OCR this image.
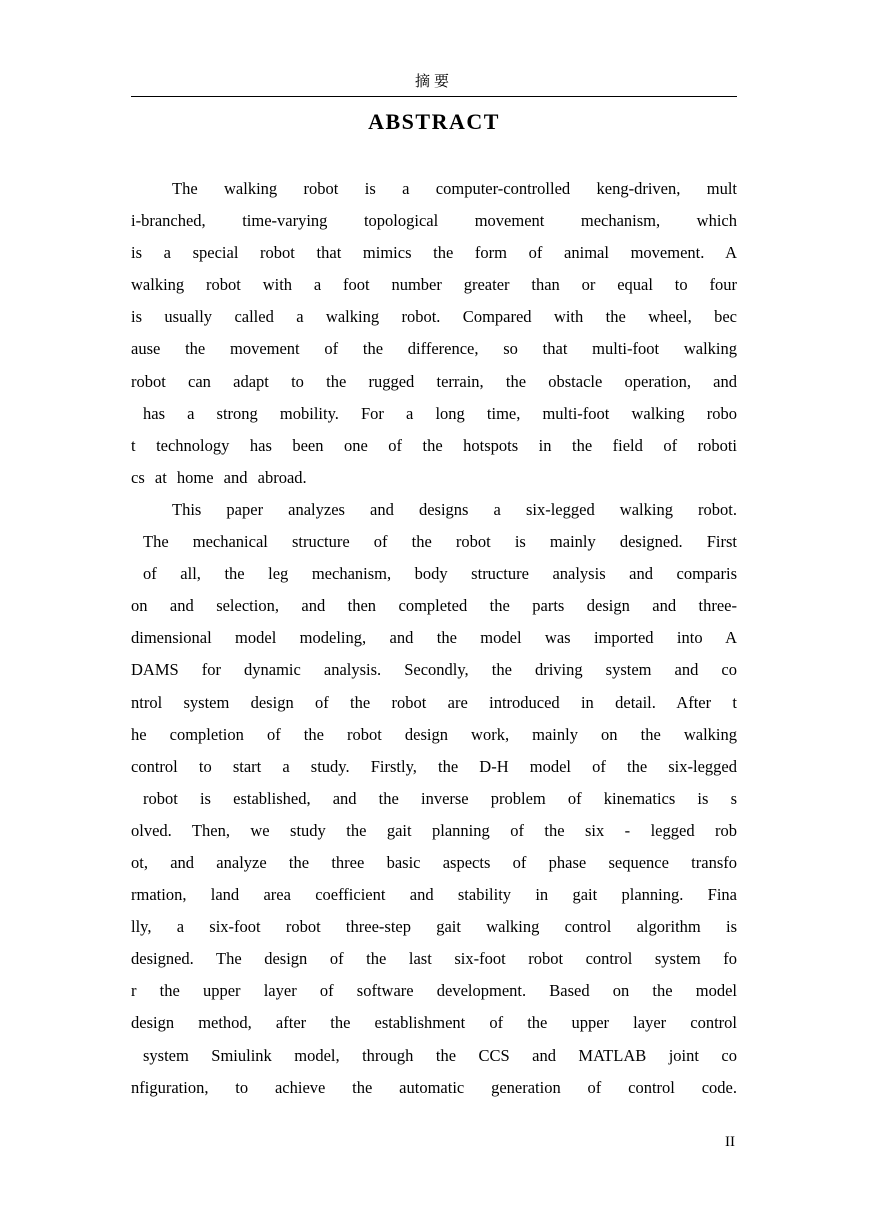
摘要
ABSTRACT
The walking robot is a computer-controlled keng-driven, mult
i-branched, time-varying topological movement mechanism, which
is a special robot that mimics the form of animal movement. A
walking robot with a foot number greater than or equal to four
is usually called a walking robot. Compared with the wheel, bec
ause the movement of the difference, so that multi-foot walking
robot can adapt to the rugged terrain, the obstacle operation, and
has a strong mobility. For a long time, multi-foot walking robo
t technology has been one of the hotspots in the field of roboti
cs at home and abroad.
This paper analyzes and designs a six-legged walking robot.
The mechanical structure of the robot is mainly designed. First
of all, the leg mechanism, body structure analysis and comparis
on and selection, and then completed the parts design and three-
dimensional model modeling, and the model was imported into A
DAMS for dynamic analysis. Secondly, the driving system and co
ntrol system design of the robot are introduced in detail. After t
he completion of the robot design work, mainly on the walking
control to start a study. Firstly, the D-H model of the six-legged
robot is established, and the inverse problem of kinematics is s
olved. Then, we study the gait planning of the six - legged rob
ot, and analyze the three basic aspects of phase sequence transfo
rmation, land area coefficient and stability in gait planning. Fina
lly, a six-foot robot three-step gait walking control algorithm is
designed. The design of the last six-foot robot control system fo
r the upper layer of software development. Based on the model
design method, after the establishment of the upper layer control
system Smiulink model, through the CCS and MATLAB joint co
nfiguration, to achieve the automatic generation of control code.
II
